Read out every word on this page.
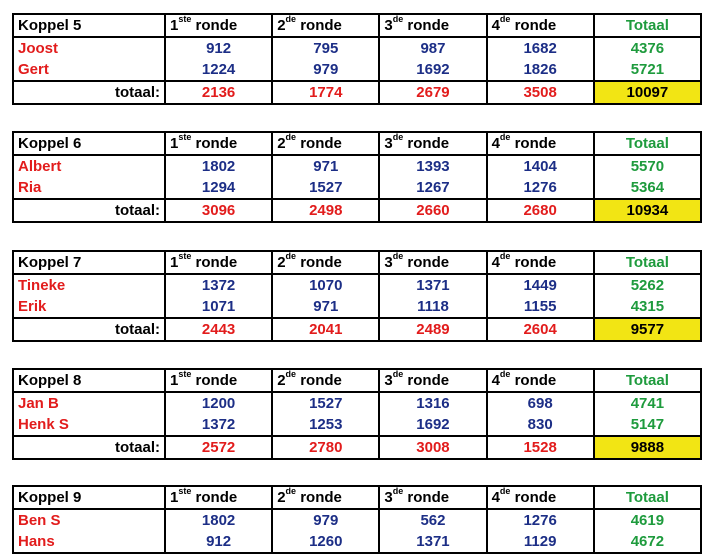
Koppel 5	1ste ronde	2de ronde	3de ronde	4de ronde	Totaal
Joost	912	795	987	1682	4376
Gert	1224	979	1692	1826	5721
totaal:	2136	1774	2679	3508	10097
Koppel 6	1ste ronde	2de ronde	3de ronde	4de ronde	Totaal
Albert	1802	971	1393	1404	5570
Ria	1294	1527	1267	1276	5364
totaal:	3096	2498	2660	2680	10934
Koppel 7	1ste ronde	2de ronde	3de ronde	4de ronde	Totaal
Tineke	1372	1070	1371	1449	5262
Erik	1071	971	1118	1155	4315
totaal:	2443	2041	2489	2604	9577
Koppel 8	1ste ronde	2de ronde	3de ronde	4de ronde	Totaal
Jan B	1200	1527	1316	698	4741
Henk S	1372	1253	1692	830	5147
totaal:	2572	2780	3008	1528	9888
Koppel 9	1ste ronde	2de ronde	3de ronde	4de ronde	Totaal
Ben S	1802	979	562	1276	4619
Hans	912	1260	1371	1129	4672
